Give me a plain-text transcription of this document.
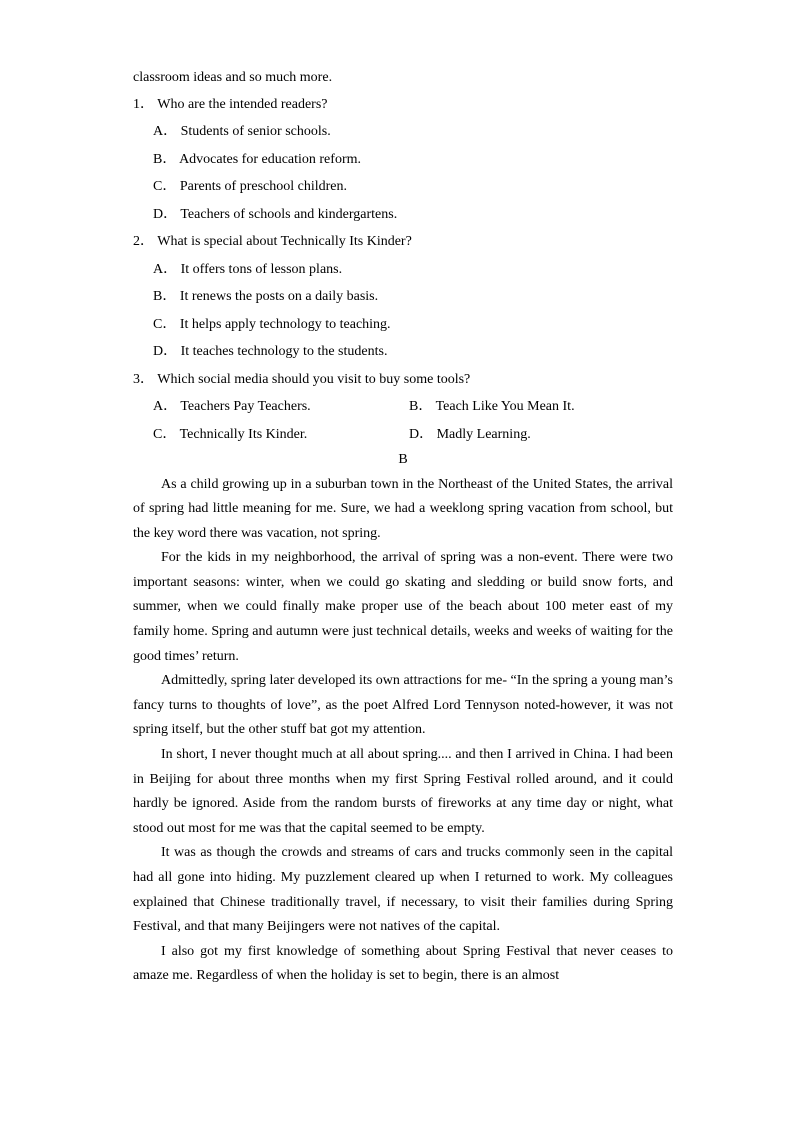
classroom ideas and so much more.
1． Who are the intended readers?
A． Students of senior schools.
B． Advocates for education reform.
C． Parents of preschool children.
D． Teachers of schools and kindergartens.
2． What is special about Technically Its Kinder?
A． It offers tons of lesson plans.
B． It renews the posts on a daily basis.
C． It helps apply technology to teaching.
D． It teaches technology to the students.
3． Which social media should you visit to buy some tools?
A． Teachers Pay Teachers.	B． Teach Like You Mean It.
C． Technically Its Kinder.	D． Madly Learning.
B

As a child growing up in a suburban town in the Northeast of the United States, the arrival of spring had little meaning for me. Sure, we had a weeklong spring vacation from school, but the key word there was vacation, not spring.

For the kids in my neighborhood, the arrival of spring was a non-event. There were two important seasons: winter, when we could go skating and sledding or build snow forts, and summer, when we could finally make proper use of the beach about 100 meter east of my family home. Spring and autumn were just technical details, weeks and weeks of waiting for the good times’ return.

Admittedly, spring later developed its own attractions for me- “In the spring a young man’s fancy turns to thoughts of love”, as the poet Alfred Lord Tennyson noted-however, it was not spring itself, but the other stuff bat got my attention.

In short, I never thought much at all about spring.... and then I arrived in China. I had been in Beijing for about three months when my first Spring Festival rolled around, and it could hardly be ignored. Aside from the random bursts of fireworks at any time day or night, what stood out most for me was that the capital seemed to be empty.

It was as though the crowds and streams of cars and trucks commonly seen in the capital had all gone into hiding. My puzzlement cleared up when I returned to work. My colleagues explained that Chinese traditionally travel, if necessary, to visit their families during Spring Festival, and that many Beijingers were not natives of the capital.

I also got my first knowledge of something about Spring Festival that never ceases to amaze me. Regardless of when the holiday is set to begin, there is an almost
